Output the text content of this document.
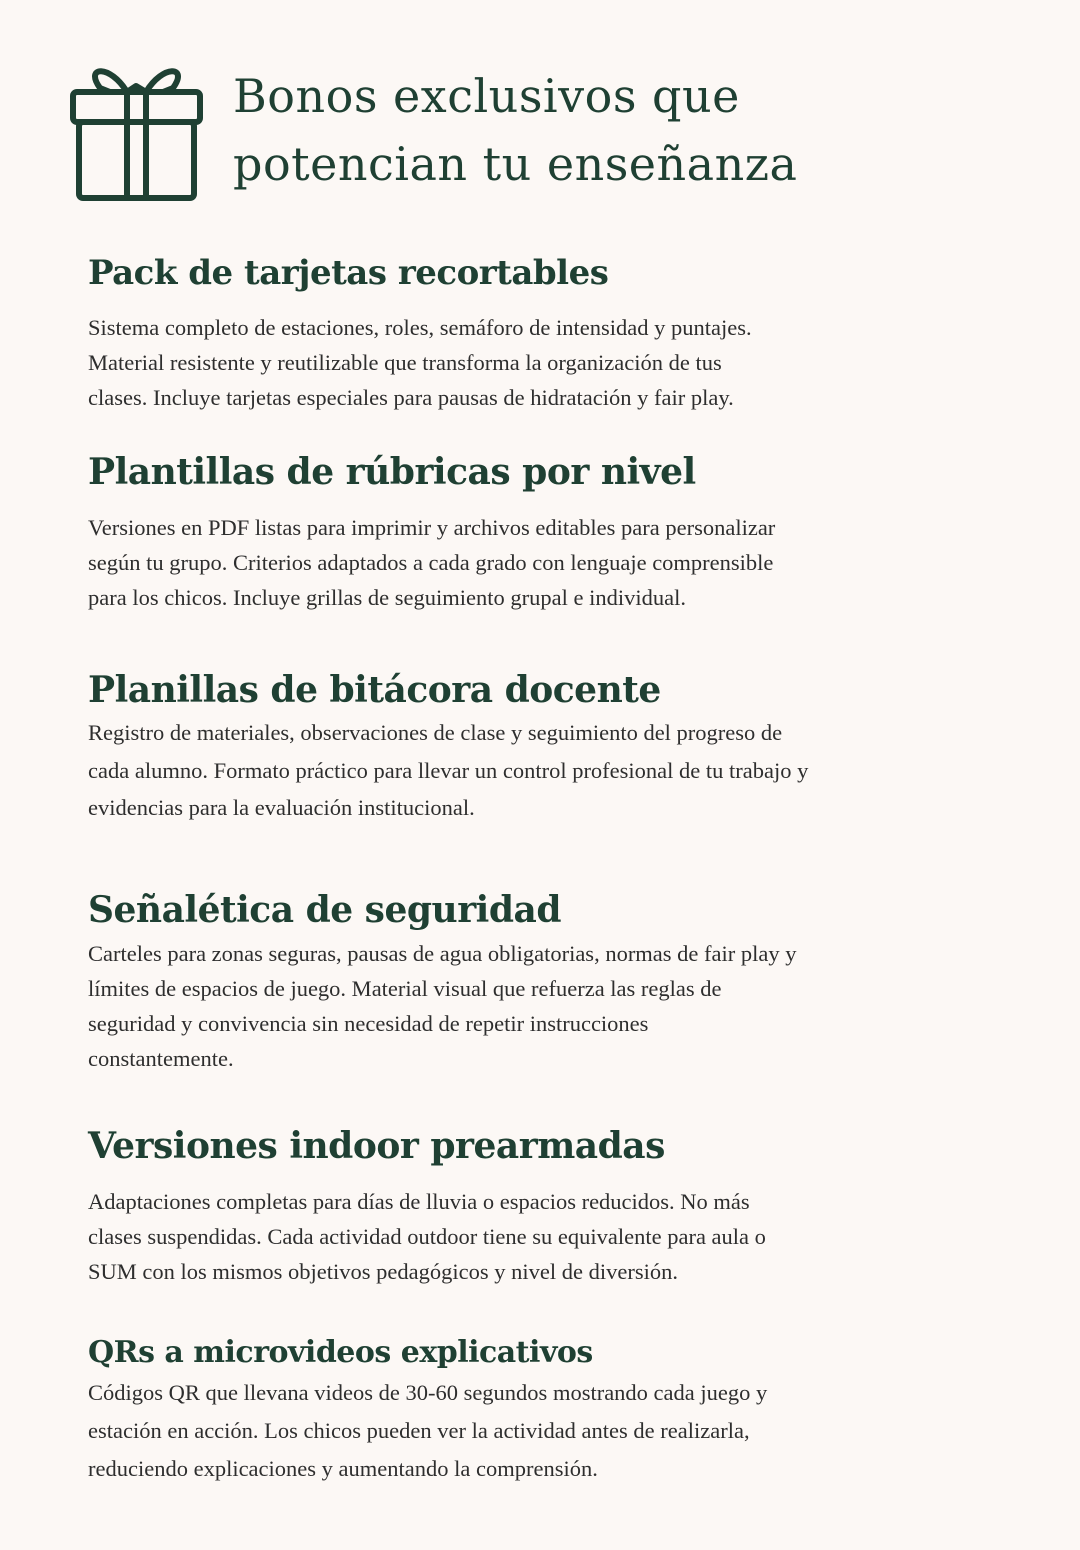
Bonos exclusivos que
potencian tu enseñanza
Pack de tarjetas recortables

Sistema completo de estaciones, roles, semáforo de intensidad y puntajes.
Material resistente y reutilizable que transforma la organización de tus
clases. Incluye tarjetas especiales para pausas de hidratación y fair play.

Plantillas de rúbricas por nivel

Versiones en PDF listas para imprimir y archivos editables para personalizar
según tu grupo. Criterios adaptados a cada grado con lenguaje comprensible
para los chicos. Incluye grillas de seguimiento grupal e individual.

Planillas de bitácora docente

Registro de materiales, observaciones de clase y seguimiento del progreso de
cada alumno. Formato práctico para llevar un control profesional de tu trabajo y
evidencias para la evaluación institucional.

Señalética de seguridad

Carteles para zonas seguras, pausas de agua obligatorias, normas de fair play y
límites de espacios de juego. Material visual que refuerza las reglas de
seguridad y convivencia sin necesidad de repetir instrucciones
constantemente.

Versiones indoor prearmadas

Adaptaciones completas para días de lluvia o espacios reducidos. No más
clases suspendidas. Cada actividad outdoor tiene su equivalente para aula o
SUM con los mismos objetivos pedagógicos y nivel de diversión.

QRs a microvideos explicativos

Códigos QR que llevana videos de 30-60 segundos mostrando cada juego y
estación en acción. Los chicos pueden ver la actividad antes de realizarla,
reduciendo explicaciones y aumentando la comprensión.
